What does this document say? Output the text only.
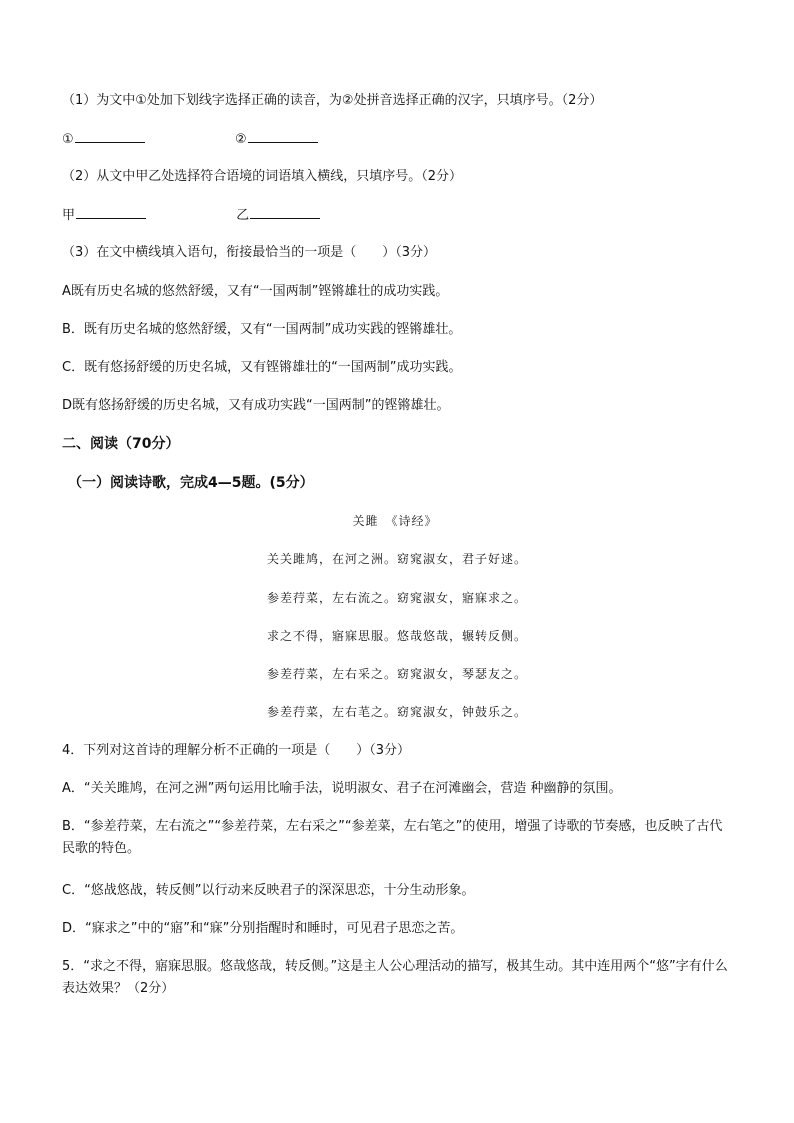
（1）为文中①处加下划线字选择正确的读音，为②处拼音选择正确的汉字，只填序号。（2分）
①	②
（2）从文中甲乙处选择符合语境的词语填入横线，只填序号。（2分）
甲	乙
（3）在文中横线填入语句，衔接最恰当的一项是（　　）（3分）
A既有历史名城的悠然舒缓，又有“一国两制”铿锵雄壮的成功实践。
B．既有历史名城的悠然舒缓，又有“一国两制”成功实践的铿锵雄壮。
C．既有悠扬舒缓的历史名城，又有铿锵雄壮的“一国两制”成功实践。
D既有悠扬舒缓的历史名城，又有成功实践“一国两制”的铿锵雄壮。
二、阅读（70分）
（一）阅读诗歌，完成4—5题。(5分）
关雎　《诗经》
关关雎鸠，在河之洲。窈窕淑女，君子好逑。
参差荇菜，左右流之。窈窕淑女，寤寐求之。
求之不得，寤寐思服。悠哉悠哉，辗转反侧。
参差荇菜，左右采之。窈窕淑女，琴瑟友之。
参差荇菜，左右芼之。窈窕淑女，钟鼓乐之。
4．下列对这首诗的理解分析不正确的一项是（　　）（3分）
A．“关关雎鸠，在河之洲”两句运用比喻手法，说明淑女、君子在河滩幽会，营造 种幽静的氛围。
B．“参差荇菜，左右流之”“参差荇菜，左右采之”“参差菜，左右笔之”的使用，增强了诗歌的节奏感，也反映了古代民歌的特色。
C．“悠战悠战，转反侧”以行动来反映君子的深深思恋，十分生动形象。
D．“寐求之”中的“寤”和“寐”分别指醒时和睡时，可见君子思恋之苦。
5．“求之不得，寤寐思服。悠哉悠哉，转反侧。”这是主人公心理活动的描写，极其生动。其中连用两个“悠”字有什么表达效果？（2分）
